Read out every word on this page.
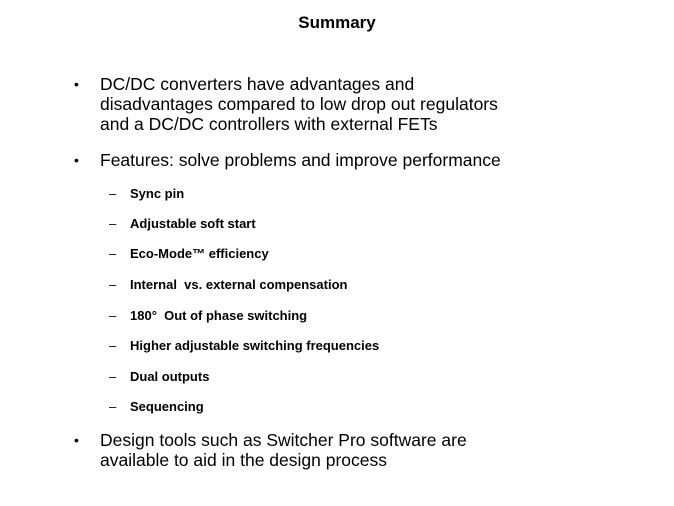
Summary
•	DC/DC converters have advantages and
disadvantages compared to low drop out regulators
and a DC/DC controllers with external FETs
•	Features: solve problems and improve performance
– Sync pin
– Adjustable soft start
– Eco-Mode™ efficiency
– Internal  vs. external compensation
– 180°  Out of phase switching
– Higher adjustable switching frequencies
– Dual outputs
– Sequencing
•	Design tools such as Switcher Pro software are
available to aid in the design process
